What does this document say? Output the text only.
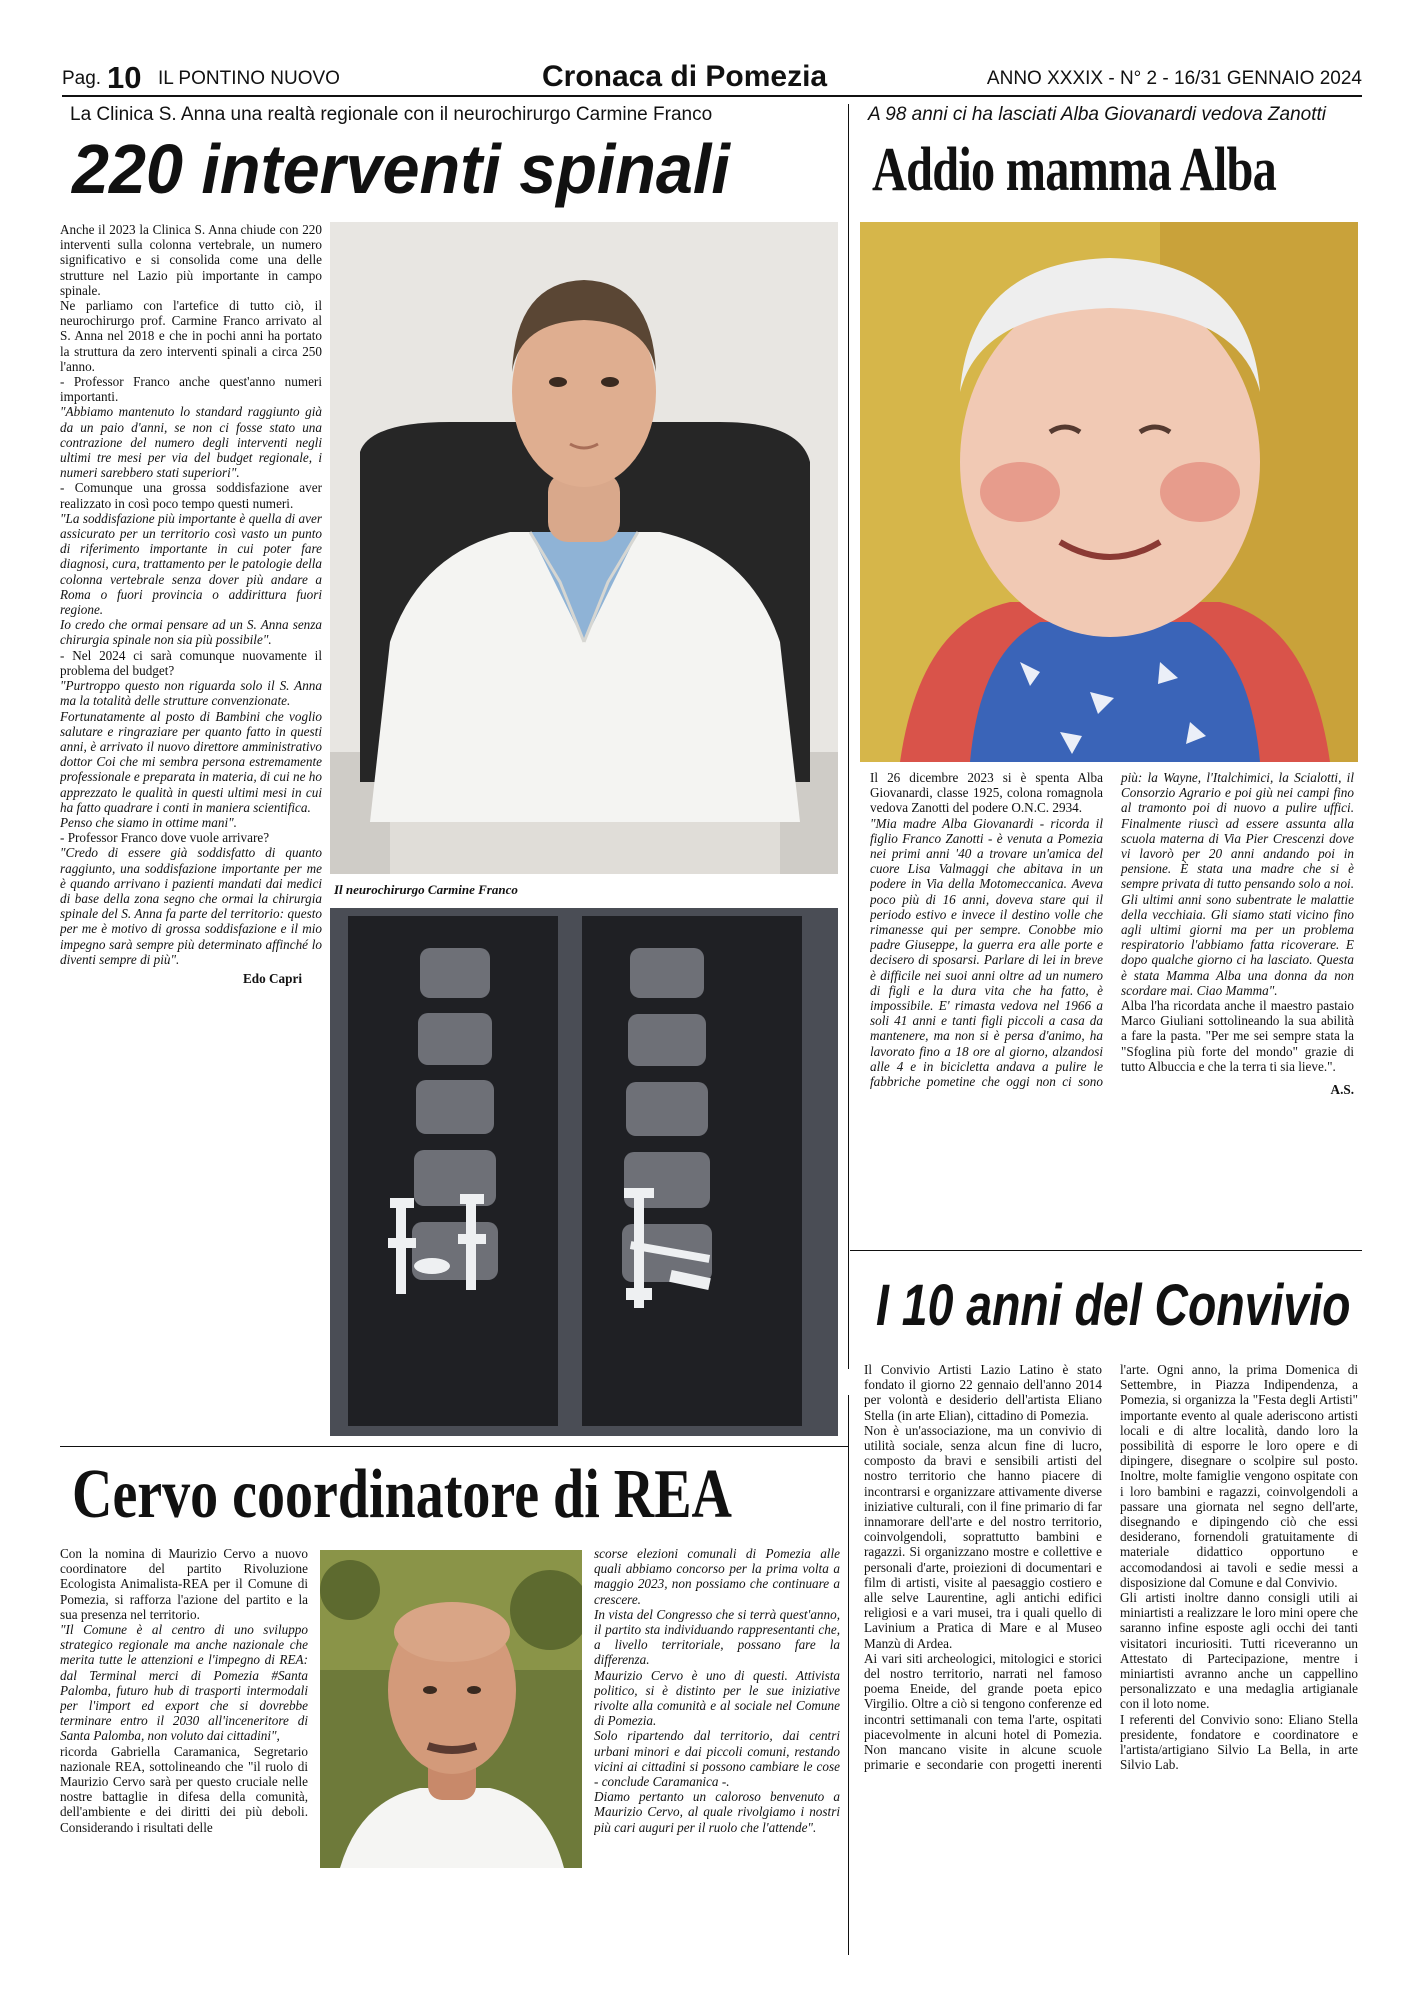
Pag. 10 IL PONTINO NUOVO	Cronaca di Pomezia	ANNO XXXIX - N° 2 - 16/31 GENNAIO 2024
La Clinica S. Anna una realtà regionale con il neurochirurgo Carmine Franco
220 interventi spinali

Anche il 2023 la Clinica S. Anna chiude con 220 interventi sulla colonna vertebrale, un numero significativo e si consolida come una delle strutture nel Lazio più importante in campo spinale.

Ne parliamo con l'artefice di tutto ciò, il neurochirurgo prof. Carmine Franco arrivato al S. Anna nel 2018 e che in pochi anni ha portato la struttura da zero interventi spinali a circa 250 l'anno.

- Professor Franco anche quest'anno numeri importanti.

"Abbiamo mantenuto lo standard raggiunto già da un paio d'anni, se non ci fosse stato una contrazione del numero degli interventi negli ultimi tre mesi per via del budget regionale, i numeri sarebbero stati superiori".

- Comunque una grossa soddisfazione aver realizzato in così poco tempo questi numeri.

"La soddisfazione più importante è quella di aver assicurato per un territorio così vasto un punto di riferimento importante in cui poter fare diagnosi, cura, trattamento per le patologie della colonna vertebrale senza dover più andare a Roma o fuori provincia o addirittura fuori regione.

Io credo che ormai pensare ad un S. Anna senza chirurgia spinale non sia più possibile".

- Nel 2024 ci sarà comunque nuovamente il problema del budget?

"Purtroppo questo non riguarda solo il S. Anna ma la totalità delle strutture convenzionate.

Fortunatamente al posto di Bambini che voglio salutare e ringraziare per quanto fatto in questi anni, è arrivato il nuovo direttore amministrativo dottor Coi che mi sembra persona estremamente professionale e preparata in materia, di cui ne ho apprezzato le qualità in questi ultimi mesi in cui ha fatto quadrare i conti in maniera scientifica.

Penso che siamo in ottime mani".

- Professor Franco dove vuole arrivare?

"Credo di essere già soddisfatto di quanto raggiunto, una soddisfazione importante per me è quando arrivano i pazienti mandati dai medici di base della zona segno che ormai la chirurgia spinale del S. Anna fa parte del territorio: questo per me è motivo di grossa soddisfazione e il mio impegno sarà sempre più determinato affinché lo diventi sempre di più".

Edo Capri
Il neurochirurgo Carmine Franco
A 98 anni ci ha lasciati Alba Giovanardi vedova Zanotti
Addio mamma Alba

Il 26 dicembre 2023 si è spenta Alba Giovanardi, classe 1925, colona romagnola vedova Zanotti del podere O.N.C. 2934.

"Mia madre Alba Giovanardi - ricorda il figlio Franco Zanotti - è venuta a Pomezia nei primi anni '40 a trovare un'amica del cuore Lisa Valmaggi che abitava in un podere in Via della Motomeccanica. Aveva poco più di 16 anni, doveva stare qui il periodo estivo e invece il destino volle che rimanesse qui per sempre. Conobbe mio padre Giuseppe, la guerra era alle porte e decisero di sposarsi. Parlare di lei in breve è difficile nei suoi anni oltre ad un numero di figli e la dura vita che ha fatto, è impossibile. E' rimasta vedova nel 1966 a soli 41 anni e tanti figli piccoli a casa da mantenere, ma non si è persa d'animo, ha lavorato fino a 18 ore al giorno, alzandosi alle 4 e in bicicletta andava a pulire le fabbriche pometine che oggi non ci sono più: la Wayne, l'Italchimici, la Scialotti, il Consorzio Agrario e poi giù nei campi fino al tramonto poi di nuovo a pulire uffici. Finalmente riuscì ad essere assunta alla scuola materna di Via Pier Crescenzi dove vi lavorò per 20 anni andando poi in pensione. È stata una madre che si è sempre privata di tutto pensando solo a noi. Gli ultimi anni sono subentrate le malattie della vecchiaia. Gli siamo stati vicino fino agli ultimi giorni ma per un problema respiratorio l'abbiamo fatta ricoverare. E dopo qualche giorno ci ha lasciato. Questa è stata Mamma Alba una donna da non scordare mai. Ciao Mamma".

Alba l'ha ricordata anche il maestro pastaio Marco Giuliani sottolineando la sua abilità a fare la pasta. "Per me sei sempre stata la "Sfoglina più forte del mondo" grazie di tutto Albuccia e che la terra ti sia lieve.".

A.S.
I 10 anni del Convivio

Il Convivio Artisti Lazio Latino è stato fondato il giorno 22 gennaio dell'anno 2014 per volontà e desiderio dell'artista Eliano Stella (in arte Elian), cittadino di Pomezia.

Non è un'associazione, ma un convivio di utilità sociale, senza alcun fine di lucro, composto da bravi e sensibili artisti del nostro territorio che hanno piacere di incontrarsi e organizzare attivamente diverse iniziative culturali, con il fine primario di far innamorare dell'arte e del nostro territorio, coinvolgendoli, soprattutto bambini e ragazzi. Si organizzano mostre e collettive e personali d'arte, proiezioni di documentari e film di artisti, visite al paesaggio costiero e alle selve Laurentine, agli antichi edifici religiosi e a vari musei, tra i quali quello di Lavinium a Pratica di Mare e al Museo Manzù di Ardea.

Ai vari siti archeologici, mitologici e storici del nostro territorio, narrati nel famoso poema Eneide, del grande poeta epico Virgilio. Oltre a ciò si tengono conferenze ed incontri settimanali con tema l'arte, ospitati piacevolmente in alcuni hotel di Pomezia. Non mancano visite in alcune scuole primarie e secondarie con progetti inerenti l'arte. Ogni anno, la prima Domenica di Settembre, in Piazza Indipendenza, a Pomezia, si organizza la "Festa degli Artisti" importante evento al quale aderiscono artisti locali e di altre località, dando loro la possibilità di esporre le loro opere e di dipingere, disegnare o scolpire sul posto. Inoltre, molte famiglie vengono ospitate con i loro bambini e ragazzi, coinvolgendoli a passare una giornata nel segno dell'arte, disegnando e dipingendo ciò che essi desiderano, fornendoli gratuitamente di materiale didattico opportuno e accomodandosi ai tavoli e sedie messi a disposizione dal Comune e dal Convivio.

Gli artisti inoltre danno consigli utili ai miniartisti a realizzare le loro mini opere che saranno infine esposte agli occhi dei tanti visitatori incuriositi. Tutti riceveranno un Attestato di Partecipazione, mentre i miniartisti avranno anche un cappellino personalizzato e una medaglia artigianale con il loto nome.

I referenti del Convivio sono: Eliano Stella presidente, fondatore e coordinatore e l'artista/artigiano Silvio La Bella, in arte Silvio Lab.

Cervo coordinatore di REA

Con la nomina di Maurizio Cervo a nuovo coordinatore del partito Rivoluzione Ecologista Animalista-REA per il Comune di Pomezia, si rafforza l'azione del partito e la sua presenza nel territorio.

"Il Comune è al centro di uno sviluppo strategico regionale ma anche nazionale che merita tutte le attenzioni e l'impegno di REA: dal Terminal merci di Pomezia #Santa Palomba, futuro hub di trasporti intermodali per l'import ed export che si dovrebbe terminare entro il 2030 all'inceneritore di Santa Palomba, non voluto dai cittadini",

ricorda Gabriella Caramanica, Segretario nazionale REA, sottolineando che "il ruolo di Maurizio Cervo sarà per questo cruciale nelle nostre battaglie in difesa della comunità, dell'ambiente e dei diritti dei più deboli. Considerando i risultati delle

scorse elezioni comunali di Pomezia alle quali abbiamo concorso per la prima volta a maggio 2023, non possiamo che continuare a crescere.

In vista del Congresso che si terrà quest'anno, il partito sta individuando rappresentanti che, a livello territoriale, possano fare la differenza.

Maurizio Cervo è uno di questi. Attivista politico, si è distinto per le sue iniziative rivolte alla comunità e al sociale nel Comune di Pomezia.

Solo ripartendo dal territorio, dai centri urbani minori e dai piccoli comuni, restando vicini ai cittadini si possono cambiare le cose - conclude Caramanica -.

Diamo pertanto un caloroso benvenuto a Maurizio Cervo, al quale rivolgiamo i nostri più cari auguri per il ruolo che l'attende".
